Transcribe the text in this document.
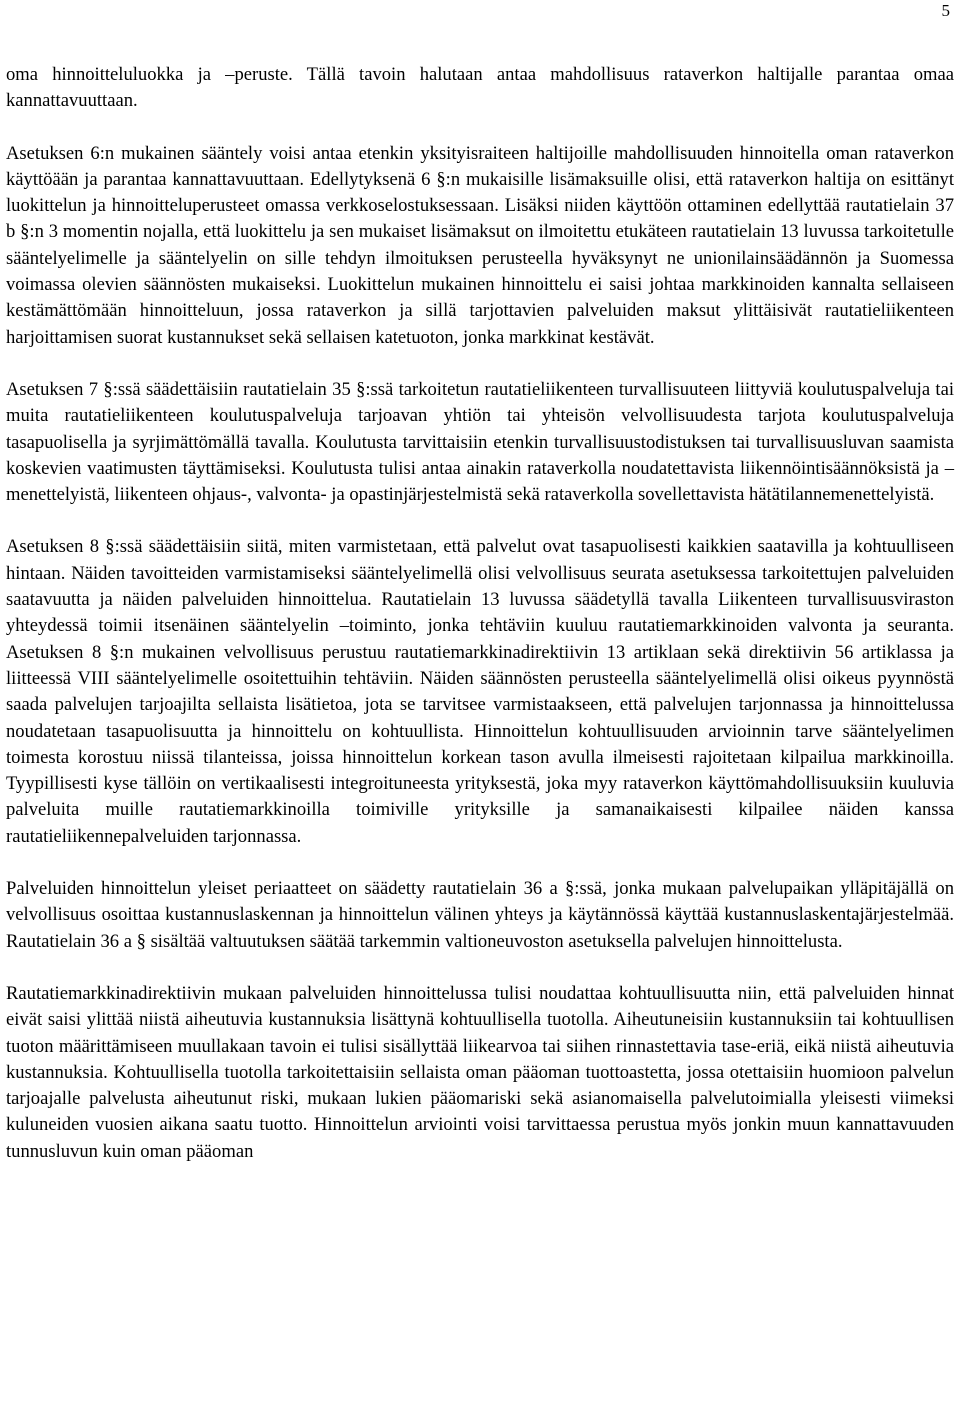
5

oma hinnoitteluluokka ja –peruste. Tällä tavoin halutaan antaa mahdollisuus rataverkon haltijalle parantaa omaa kannattavuuttaan.

Asetuksen 6:n mukainen sääntely voisi antaa etenkin yksityisraiteen haltijoille mahdollisuuden hinnoitella oman rataverkon käyttöään ja parantaa kannattavuuttaan. Edellytyksenä 6 §:n mukaisille lisämaksuille olisi, että rataverkon haltija on esittänyt luokittelun ja hinnoitteluperusteet omassa verkkoselostuksessaan. Lisäksi niiden käyttöön ottaminen edellyttää rautatielain 37 b §:n 3 momentin nojalla, että luokittelu ja sen mukaiset lisämaksut on ilmoitettu etukäteen rautatielain 13 luvussa tarkoitetulle sääntelyelimelle ja sääntelyelin on sille tehdyn ilmoituksen perusteella hyväksynyt ne unionilainsäädännön ja Suomessa voimassa olevien säännösten mukaiseksi. Luokittelun mukainen hinnoittelu ei saisi johtaa markkinoiden kannalta sellaiseen kestämättömään hinnoitteluun, jossa rataverkon ja sillä tarjottavien palveluiden maksut ylittäisivät rautatieliikenteen harjoittamisen suorat kustannukset sekä sellaisen katetuoton, jonka markkinat kestävät.

Asetuksen 7 §:ssä säädettäisiin rautatielain 35 §:ssä tarkoitetun rautatieliikenteen turvallisuuteen liittyviä koulutuspalveluja tai muita rautatieliikenteen koulutuspalveluja tarjoavan yhtiön tai yhteisön velvollisuudesta tarjota koulutuspalveluja tasapuolisella ja syrjimättömällä tavalla. Koulutusta tarvittaisiin etenkin turvallisuustodistuksen tai turvallisuusluvan saamista koskevien vaatimusten täyttämiseksi. Koulutusta tulisi antaa ainakin rataverkolla noudatettavista liikennöintisäännöksistä ja –menettelyistä, liikenteen ohjaus-, valvonta- ja opastinjärjestelmistä sekä rataverkolla sovellettavista hätätilannemenettelyistä.

Asetuksen 8 §:ssä säädettäisiin siitä, miten varmistetaan, että palvelut ovat tasapuolisesti kaikkien saatavilla ja kohtuulliseen hintaan. Näiden tavoitteiden varmistamiseksi sääntelyelimellä olisi velvollisuus seurata asetuksessa tarkoitettujen palveluiden saatavuutta ja näiden palveluiden hinnoittelua. Rautatielain 13 luvussa säädetyllä tavalla Liikenteen turvallisuusviraston yhteydessä toimii itsenäinen sääntelyelin –toiminto, jonka tehtäviin kuuluu rautatiemarkkinoiden valvonta ja seuranta. Asetuksen 8 §:n mukainen velvollisuus perustuu rautatiemarkkinadirektiivin 13 artiklaan sekä direktiivin 56 artiklassa ja liitteessä VIII sääntelyelimelle osoitettuihin tehtäviin. Näiden säännösten perusteella sääntelyelimellä olisi oikeus pyynnöstä saada palvelujen tarjoajilta sellaista lisätietoa, jota se tarvitsee varmistaakseen, että palvelujen tarjonnassa ja hinnoittelussa noudatetaan tasapuolisuutta ja hinnoittelu on kohtuullista. Hinnoittelun kohtuullisuuden arvioinnin tarve sääntelyelimen toimesta korostuu niissä tilanteissa, joissa hinnoittelun korkean tason avulla ilmeisesti rajoitetaan kilpailua markkinoilla. Tyypillisesti kyse tällöin on vertikaalisesti integroituneesta yrityksestä, joka myy rataverkon käyttömahdollisuuksiin kuuluvia palveluita muille rautatiemarkkinoilla toimiville yrityksille ja samanaikaisesti kilpailee näiden kanssa rautatieliikennepalveluiden tarjonnassa.

Palveluiden hinnoittelun yleiset periaatteet on säädetty rautatielain 36 a §:ssä, jonka mukaan palvelupaikan ylläpitäjällä on velvollisuus osoittaa kustannuslaskennan ja hinnoittelun välinen yhteys ja käytännössä käyttää kustannuslaskentajärjestelmää. Rautatielain 36 a § sisältää valtuutuksen säätää tarkemmin valtioneuvoston asetuksella palvelujen hinnoittelusta.

Rautatiemarkkinadirektiivin mukaan palveluiden hinnoittelussa tulisi noudattaa kohtuullisuutta niin, että palveluiden hinnat eivät saisi ylittää niistä aiheutuvia kustannuksia lisättynä kohtuullisella tuotolla. Aiheutuneisiin kustannuksiin tai kohtuullisen tuoton määrittämiseen muullakaan tavoin ei tulisi sisällyttää liikearvoa tai siihen rinnastettavia tase-eriä, eikä niistä aiheutuvia kustannuksia. Kohtuullisella tuotolla tarkoitettaisiin sellaista oman pääoman tuottoastetta, jossa otettaisiin huomioon palvelun tarjoajalle palvelusta aiheutunut riski, mukaan lukien pääomariski sekä asianomaisella palvelutoimialla yleisesti viimeksi kuluneiden vuosien aikana saatu tuotto. Hinnoittelun arviointi voisi tarvittaessa perustua myös jonkin muun kannattavuuden tunnusluvun kuin oman pääoman
